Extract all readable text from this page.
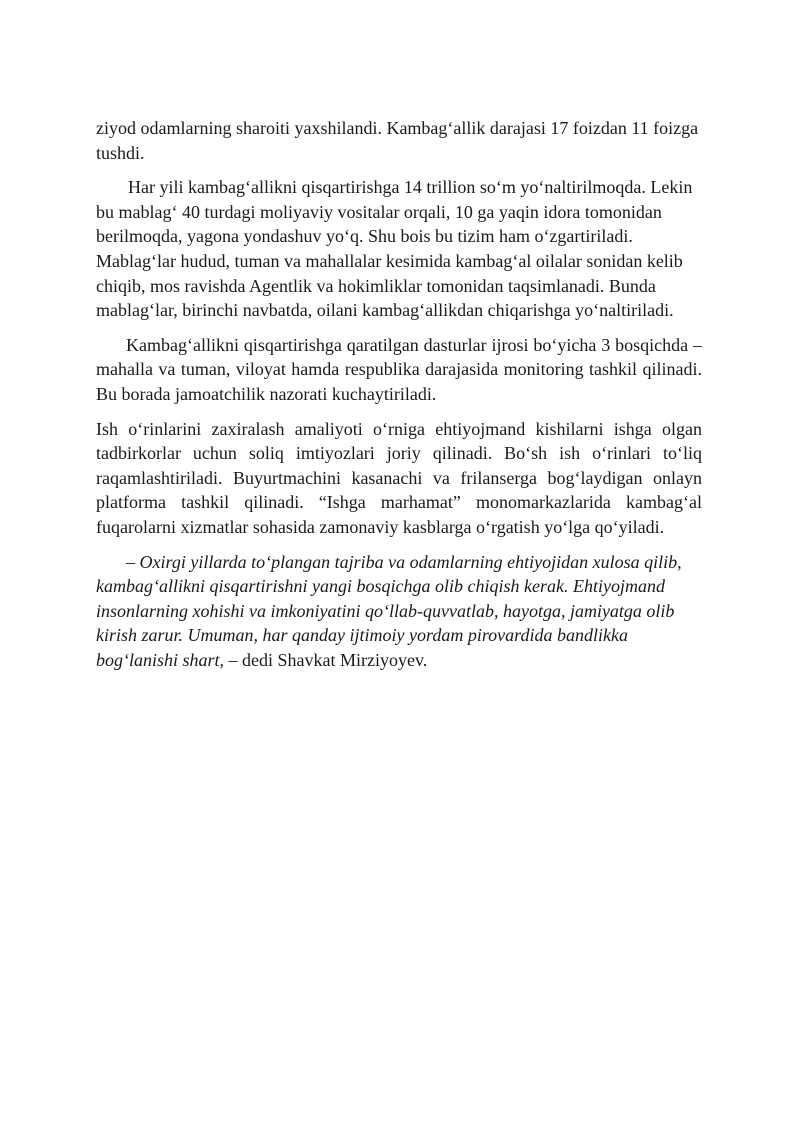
ziyod odamlarning sharoiti yaxshilandi. Kambag‘allik darajasi 17 foizdan 11 foizga tushdi.

Har yili kambag‘allikni qisqartirishga 14 trillion so‘m yo‘naltirilmoqda. Lekin bu mablag‘ 40 turdagi moliyaviy vositalar orqali, 10 ga yaqin idora tomonidan berilmoqda, yagona yondashuv yo‘q. Shu bois bu tizim ham o‘zgartiriladi. Mablag‘lar hudud, tuman va mahallalar kesimida kambag‘al oilalar sonidan kelib chiqib, mos ravishda Agentlik va hokimliklar tomonidan taqsimlanadi. Bunda mablag‘lar, birinchi navbatda, oilani kambag‘allikdan chiqarishga yo‘naltiriladi.

Kambag‘allikni qisqartirishga qaratilgan dasturlar ijrosi bo‘yicha 3 bosqichda – mahalla va tuman, viloyat hamda respublika darajasida monitoring tashkil qilinadi. Bu borada jamoatchilik nazorati kuchaytiriladi.

Ish o‘rinlarini zaxiralash amaliyoti o‘rniga ehtiyojmand kishilarni ishga olgan tadbirkorlar uchun soliq imtiyozlari joriy qilinadi. Bo‘sh ish o‘rinlari to‘liq raqamlashtiriladi. Buyurtmachini kasanachi va frilanserga bog‘laydigan onlayn platforma tashkil qilinadi. “Ishga marhamat” monomarkazlarida kambag‘al fuqarolarni xizmatlar sohasida zamonaviy kasblarga o‘rgatish yo‘lga qo‘yiladi.

– Oxirgi yillarda to‘plangan tajriba va odamlarning ehtiyojidan xulosa qilib, kambag‘allikni qisqartirishni yangi bosqichga olib chiqish kerak. Ehtiyojmand insonlarning xohishi va imkoniyatini qo‘llab-quvvatlab, hayotga, jamiyatga olib kirish zarur. Umuman, har qanday ijtimoiy yordam pirovardida bandlikka bog‘lanishi shart, – dedi Shavkat Mirziyoyev.
